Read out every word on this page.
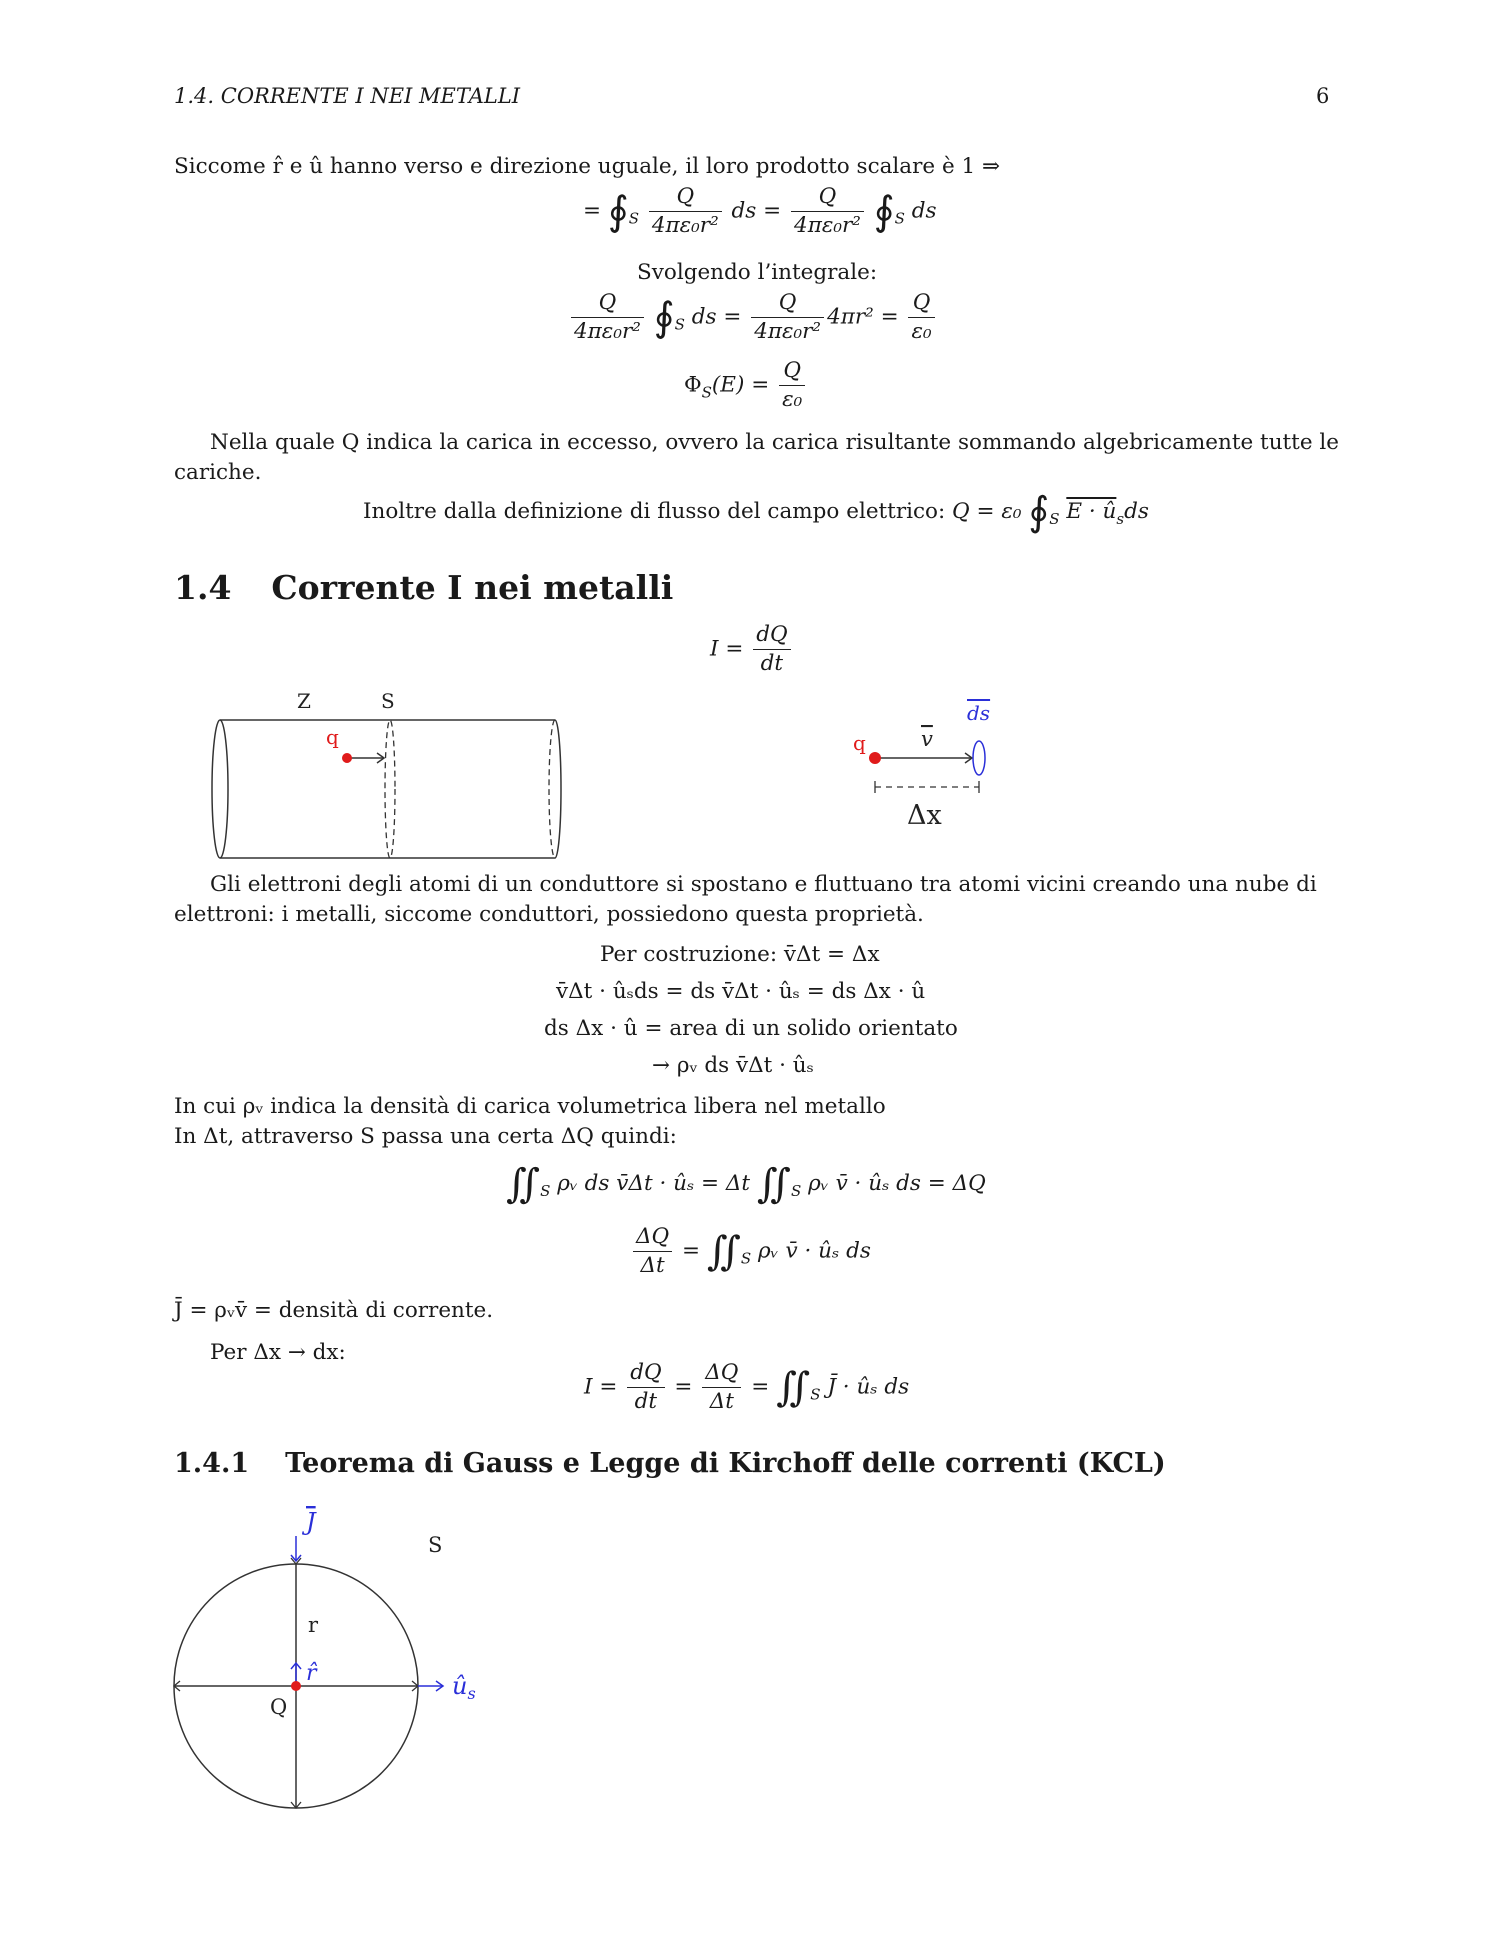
1.4. CORRENTE I NEI METALLI	6
Siccome r̂ e û hanno verso e direzione uguale, il loro prodotto scalare è 1 ⇒
= $∮_S \frac{Q}{\text{4πε₀r²}}$ ds = $\frac{Q}{\text{4πε₀r²}}$ $∮_S$ ds
Svolgendo l’integrale:
$\frac{Q}{\text{4πε₀r²}}$ $∮_S$ ds = $\frac{Q}{\text{4πε₀r²}} 4\pi r^2 = \frac{Q}{\text{ε₀}}$
$\Phi_S(E) = \frac{Q}{\text{ε₀}}$
Nella quale Q indica la carica in eccesso, ovvero la carica risultante sommando algebricamente tutte le
cariche.
Inoltre dalla definizione di flusso del campo elettrico: Q = ε₀ $∮_S$ $E \cdot û_sds$
1.4 Corrente I nei metalli
$I = \frac{dQ}{dt}$
Z	S
q	q	v
ds
Δx
Gli elettroni degli atomi di un conduttore si spostano e fluttuano tra atomi vicini creando una nube di
elettroni: i metalli, siccome conduttori, possiedono questa proprietà.
Per costruzione: v̄Δt = Δx
v̄Δt · ûₛds = ds v̄Δt · ûₛ = ds Δx · û
ds Δx · û = area di un solido orientato
→ ρᵥ ds v̄Δt · ûₛ
In cui ρᵥ indica la densità di carica volumetrica libera nel metallo
In Δt, attraverso S passa una certa ΔQ quindi:
$∬_S$ ρᵥ ds v̄Δt · ûₛ = Δt $∬_S$ ρᵥ v̄ · ûₛ ds = ΔQ
$\frac{\Delta Q}{\Delta t}$ = $∬_S$ ρᵥ v̄ · ûₛ ds
J̄ = ρᵥv̄ = densità di corrente.
Per Δx → dx:
$I = \frac{dQ}{dt} = \frac{\Delta Q}{\Delta t}$ = $∬_S$ J̄ · ûₛ ds
1.4.1 Teorema di Gauss e Legge di Kirchoff delle correnti (KCL)
J
S
r
r̂
Q
$û_s$
